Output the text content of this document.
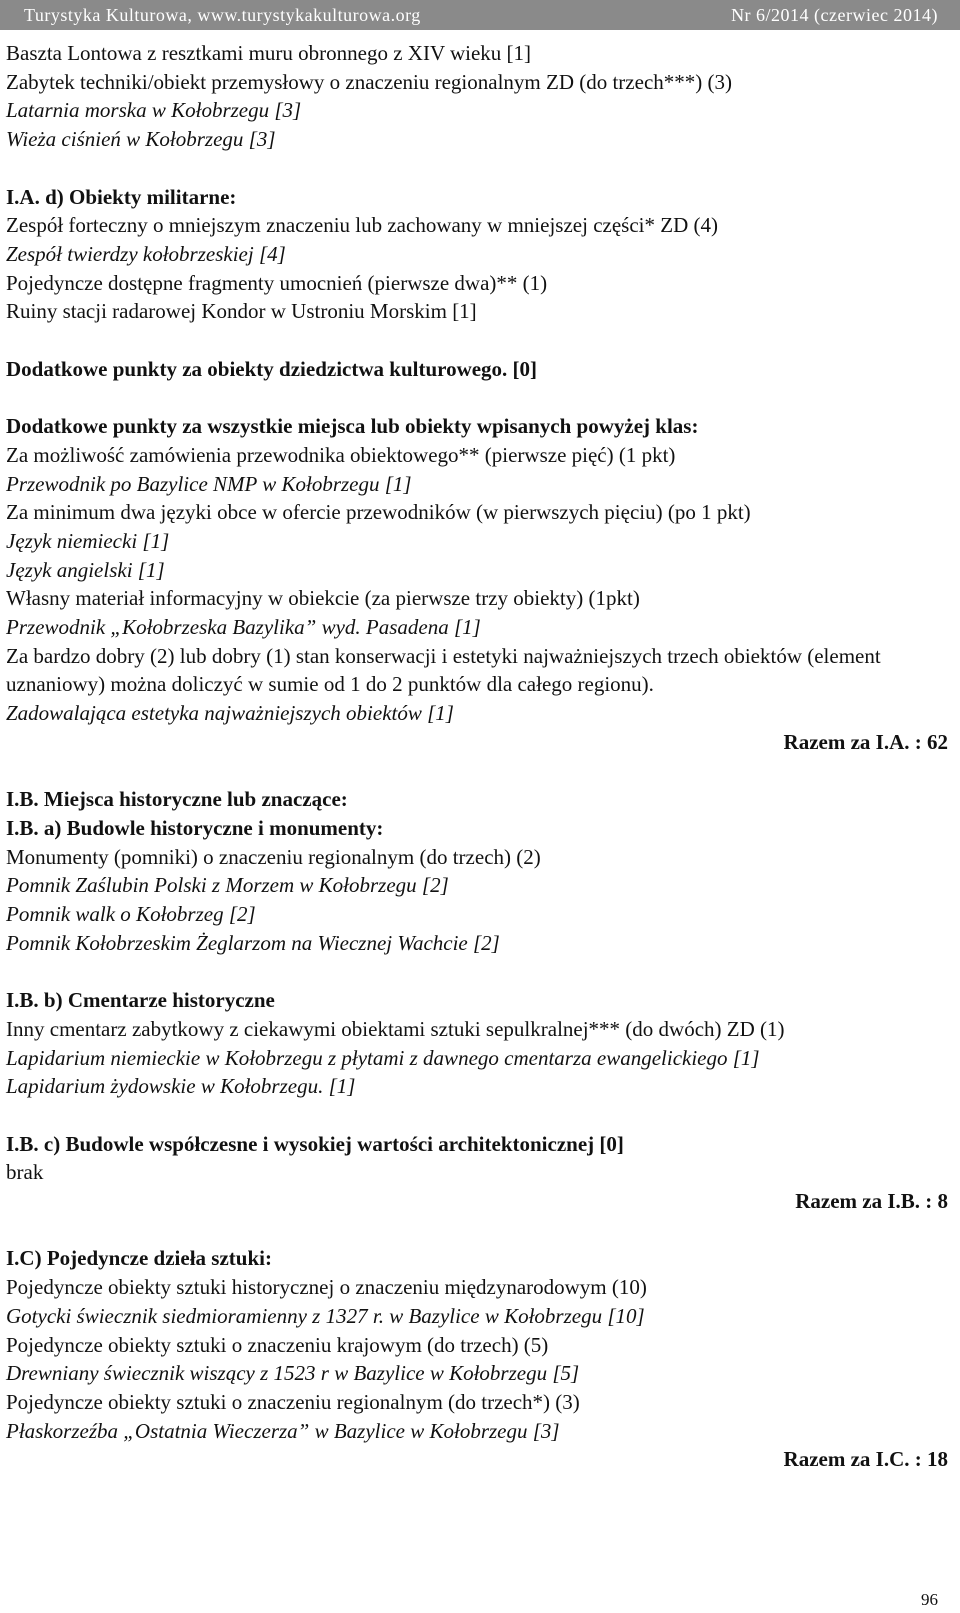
Turystyka Kulturowa, www.turystykakulturowa.org	Nr 6/2014 (czerwiec 2014)
Baszta Lontowa z resztkami muru obronnego z XIV wieku [1]
Zabytek techniki/obiekt przemysłowy o znaczeniu regionalnym ZD (do trzech***) (3)
Latarnia morska w Kołobrzegu [3]
Wieża ciśnień w Kołobrzegu [3]
I.A. d) Obiekty militarne:
Zespół forteczny o mniejszym znaczeniu lub zachowany w mniejszej części* ZD (4)
Zespół twierdzy kołobrzeskiej [4]
Pojedyncze dostępne fragmenty umocnień (pierwsze dwa)** (1)
Ruiny stacji radarowej Kondor w Ustroniu Morskim [1]
Dodatkowe punkty za obiekty dziedzictwa kulturowego. [0]
Dodatkowe punkty za wszystkie miejsca lub obiekty wpisanych powyżej klas:
Za możliwość zamówienia przewodnika obiektowego** (pierwsze pięć) (1 pkt)
Przewodnik po Bazylice NMP w Kołobrzegu [1]
Za minimum dwa języki obce w ofercie przewodników (w pierwszych pięciu) (po 1 pkt)
Język niemiecki [1]
Język angielski [1]
Własny materiał informacyjny w obiekcie (za pierwsze trzy obiekty) (1pkt)
Przewodnik „Kołobrzeska Bazylika” wyd. Pasadena [1]
Za bardzo dobry (2) lub dobry (1) stan konserwacji i estetyki najważniejszych trzech obiektów (element uznaniowy) można doliczyć w sumie od 1 do 2 punktów dla całego regionu).
Zadowalająca estetyka najważniejszych obiektów [1]
Razem za I.A. : 62
I.B. Miejsca historyczne lub znaczące:
I.B. a) Budowle historyczne i monumenty:
Monumenty (pomniki) o znaczeniu regionalnym (do trzech) (2)
Pomnik Zaślubin Polski z Morzem w Kołobrzegu [2]
Pomnik walk o Kołobrzeg [2]
Pomnik Kołobrzeskim Żeglarzom na Wiecznej Wachcie [2]
I.B. b) Cmentarze historyczne
Inny cmentarz zabytkowy z ciekawymi obiektami sztuki sepulkralnej*** (do dwóch) ZD (1)
Lapidarium niemieckie w Kołobrzegu z płytami z dawnego cmentarza ewangelickiego [1]
Lapidarium żydowskie w Kołobrzegu. [1]
I.B. c) Budowle współczesne i wysokiej wartości architektonicznej [0]
brak
Razem za I.B. : 8
I.C) Pojedyncze dzieła sztuki:
Pojedyncze obiekty sztuki historycznej o znaczeniu międzynarodowym (10)
Gotycki świecznik siedmioramienny z 1327 r. w Bazylice w Kołobrzegu [10]
Pojedyncze obiekty sztuki o znaczeniu krajowym (do trzech) (5)
Drewniany świecznik wiszący z 1523 r w Bazylice w Kołobrzegu [5]
Pojedyncze obiekty sztuki o znaczeniu regionalnym (do trzech*) (3)
Płaskorzeźba „Ostatnia Wieczerza” w Bazylice w Kołobrzegu [3]
Razem za I.C. : 18
96
